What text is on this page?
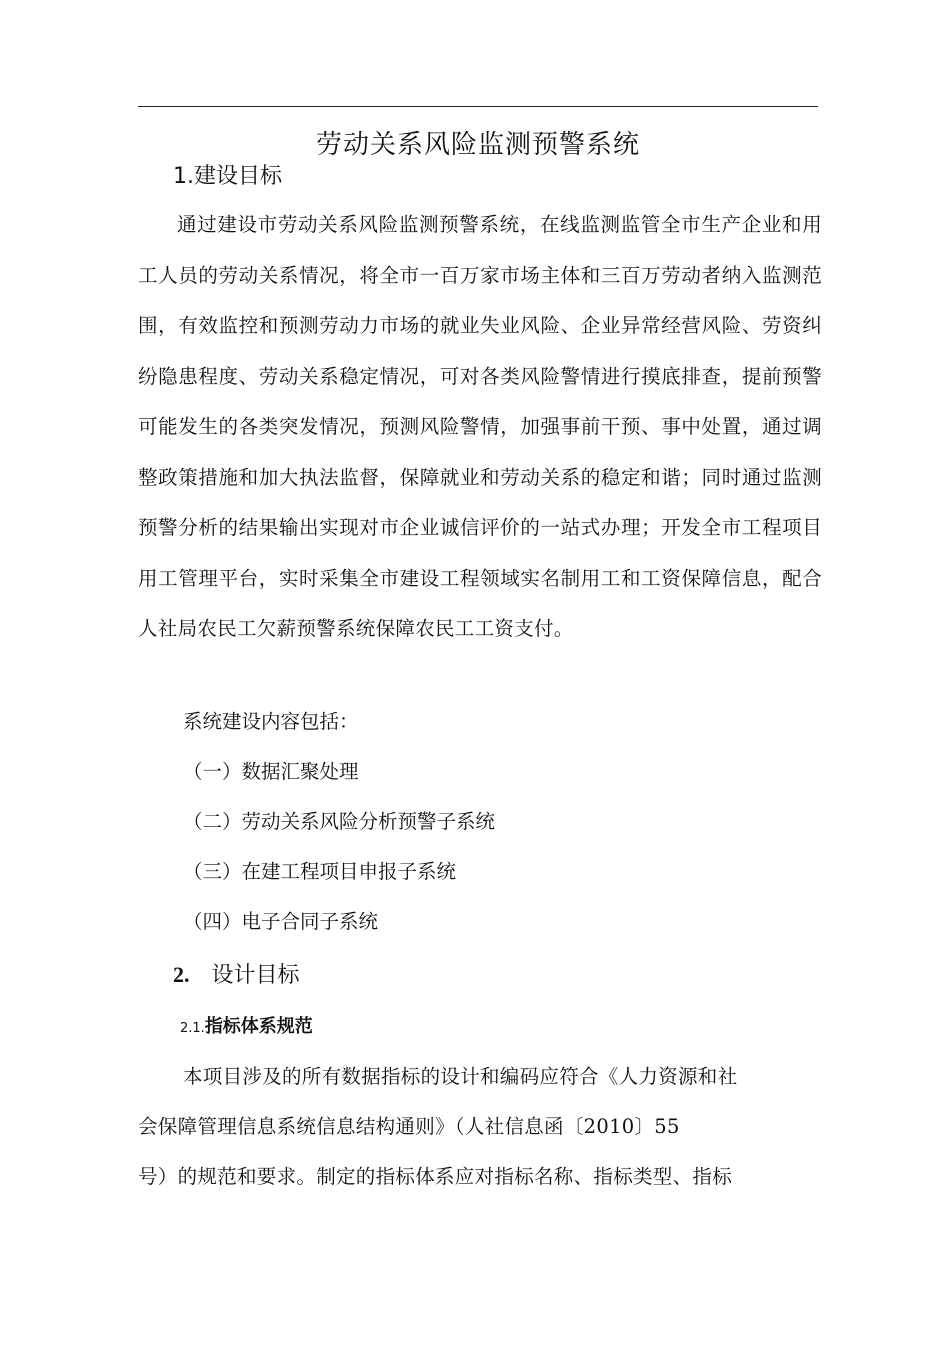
劳动关系风险监测预警系统
1.建设目标

通过建设市劳动关系风险监测预警系统，在线监测监管全市生产企业和用工人员的劳动关系情况，将全市一百万家市场主体和三百万劳动者纳入监测范围，有效监控和预测劳动力市场的就业失业风险、企业异常经营风险、劳资纠纷隐患程度、劳动关系稳定情况，可对各类风险警情进行摸底排查，提前预警可能发生的各类突发情况，预测风险警情，加强事前干预、事中处置，通过调整政策措施和加大执法监督，保障就业和劳动关系的稳定和谐；同时通过监测预警分析的结果输出实现对市企业诚信评价的一站式办理；开发全市工程项目用工管理平台，实时采集全市建设工程领域实名制用工和工资保障信息，配合人社局农民工欠薪预警系统保障农民工工资支付。

系统建设内容包括：

（一）数据汇聚处理

（二）劳动关系风险分析预警子系统

（三）在建工程项目申报子系统

（四）电子合同子系统

2. 设计目标
2.1.指标体系规范

本项目涉及的所有数据指标的设计和编码应符合《人力资源和社

会保障管理信息系统信息结构通则》（人社信息函〔2010〕55

号）的规范和要求。制定的指标体系应对指标名称、指标类型、指标
